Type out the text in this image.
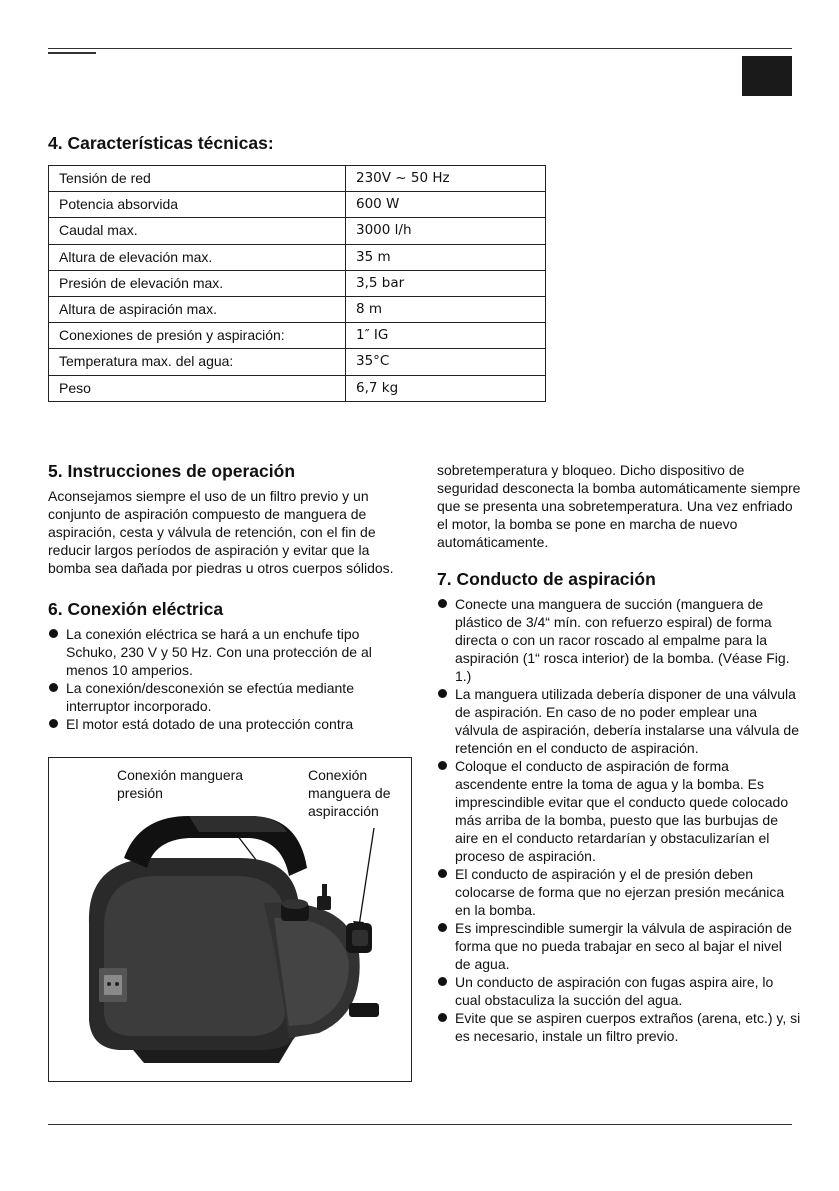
4. Características técnicas:
Tensión de red	230V ~ 50 Hz
Potencia absorvida	600 W
Caudal max.	3000 l/h
Altura de elevación max.	35 m
Presión de elevación max.	3,5 bar
Altura de aspiración max.	8 m
Conexiones de presión y aspiración:	1″ IG
Temperatura max. del agua:	35°C
Peso	6,7 kg
5. Instrucciones de operación

Aconsejamos siempre el uso de un filtro previo y un conjunto de aspiración compuesto de manguera de aspiración, cesta y válvula de retención, con el fin de reducir largos períodos de aspiración y evitar que la bomba sea dañada por piedras u otros cuerpos sólidos.

6. Conexión eléctrica
La conexión eléctrica se hará a un enchufe tipo Schuko, 230 V y 50 Hz. Con una protección de al menos 10 amperios.
La conexión/desconexión se efectúa mediante interruptor incorporado.
El motor está dotado de una protección contra
Conexión manguera presión
Conexión manguera de aspiracción

sobretemperatura y bloqueo. Dicho dispositivo de seguridad desconecta la bomba automáticamente siempre que se presenta una sobretemperatura. Una vez enfriado el motor, la bomba se pone en marcha de nuevo automáticamente.

7. Conducto de aspiración
Conecte una manguera de succión (manguera de plástico de 3/4“ mín. con refuerzo espiral) de forma directa o con un racor roscado al empalme para la aspiración (1“ rosca interior) de la bomba. (Véase Fig. 1.)
La manguera utilizada debería disponer de una válvula de aspiración. En caso de no poder emplear una válvula de aspiración, debería instalarse una válvula de retención en el conducto de aspiración.
Coloque el conducto de aspiración de forma ascendente entre la toma de agua y la bomba. Es imprescindible evitar que el conducto quede colocado más arriba de la bomba, puesto que las burbujas de aire en el conducto retardarían y obstaculizarían el proceso de aspiración.
El conducto de aspiración y el de presión deben colocarse de forma que no ejerzan presión mecánica en la bomba.
Es imprescindible sumergir la válvula de aspiración de forma que no pueda trabajar en seco al bajar el nivel de agua.
Un conducto de aspiración con fugas aspira aire, lo cual obstaculiza la succión del agua.
Evite que se aspiren cuerpos extraños (arena, etc.) y, si es necesario, instale un filtro previo.
